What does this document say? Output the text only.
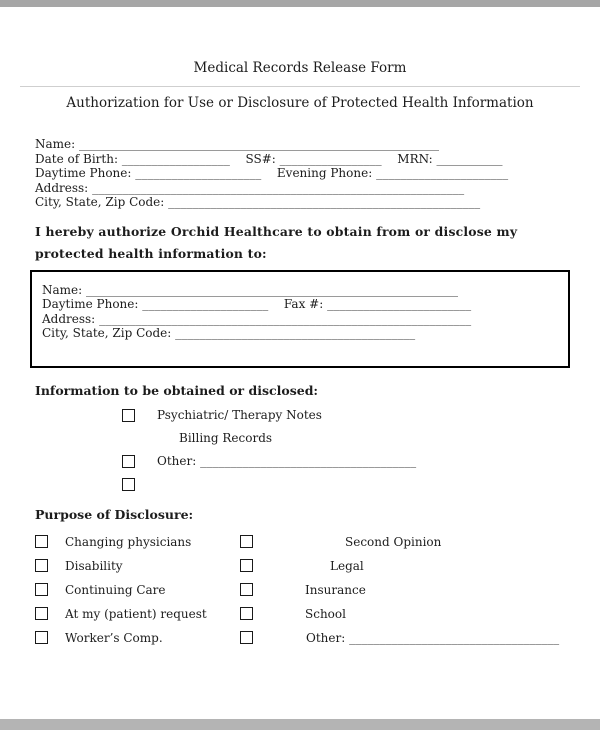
Medical Records Release Form
Authorization for Use or Disclosure of Protected Health Information
Name: ____________________________________________________________
Date of Birth: __________________ SS#: _________________ MRN: ___________
Daytime Phone: _____________________ Evening Phone: ______________________
Address: ______________________________________________________________
City, State, Zip Code: ____________________________________________________

I hereby authorize Orchid Healthcare to obtain from or disclose my protected health information to:

Name: ______________________________________________________________
Daytime Phone: _____________________ Fax #: ________________________
Address: ______________________________________________________________
City, State, Zip Code: ________________________________________
Information to be obtained or disclosed:
Psychiatric/ Therapy Notes
Billing Records
Other: ____________________________________
Purpose of Disclosure:
Changing physicians	Second Opinion
Disability	Legal
Continuing Care	Insurance
At my (patient) request	School
Worker’s Comp.	Other: ___________________________________
